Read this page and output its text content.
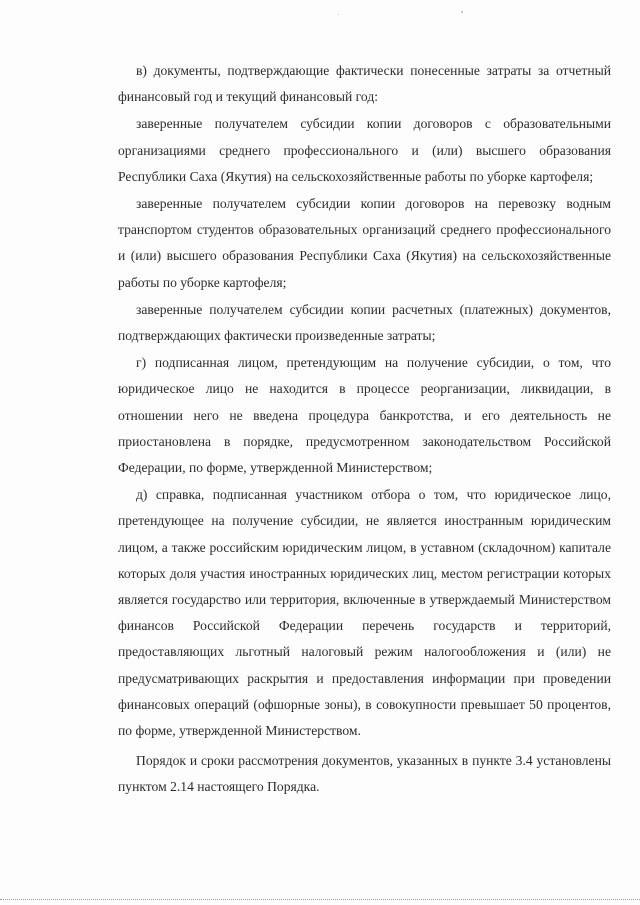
в) документы, подтверждающие фактически понесенные затраты за отчетный финансовый год и текущий финансовый год:

заверенные получателем субсидии копии договоров с образовательными организациями среднего профессионального и (или) высшего образования Республики Саха (Якутия) на сельскохозяйственные работы по уборке картофеля;

заверенные получателем субсидии копии договоров на перевозку водным транспортом студентов образовательных организаций среднего профессионального и (или) высшего образования Республики Саха (Якутия) на сельскохозяйственные работы по уборке картофеля;

заверенные получателем субсидии копии расчетных (платежных) документов, подтверждающих фактически произведенные затраты;

г) подписанная лицом, претендующим на получение субсидии, о том, что юридическое лицо не находится в процессе реорганизации, ликвидации, в отношении него не введена процедура банкротства, и его деятельность не приостановлена в порядке, предусмотренном законодательством Российской Федерации, по форме, утвержденной Министерством;

д) справка, подписанная участником отбора о том, что юридическое лицо, претендующее на получение субсидии, не является иностранным юридическим лицом, а также российским юридическим лицом, в уставном (складочном) капитале которых доля участия иностранных юридических лиц, местом регистрации которых является государство или территория, включенные в утверждаемый Министерством финансов Российской Федерации перечень государств и территорий, предоставляющих льготный налоговый режим налогообложения и (или) не предусматривающих раскрытия и предоставления информации при проведении финансовых операций (офшорные зоны), в совокупности превышает 50 процентов, по форме, утвержденной Министерством.

Порядок и сроки рассмотрения документов, указанных в пункте 3.4 установлены пунктом 2.14 настоящего Порядка.
